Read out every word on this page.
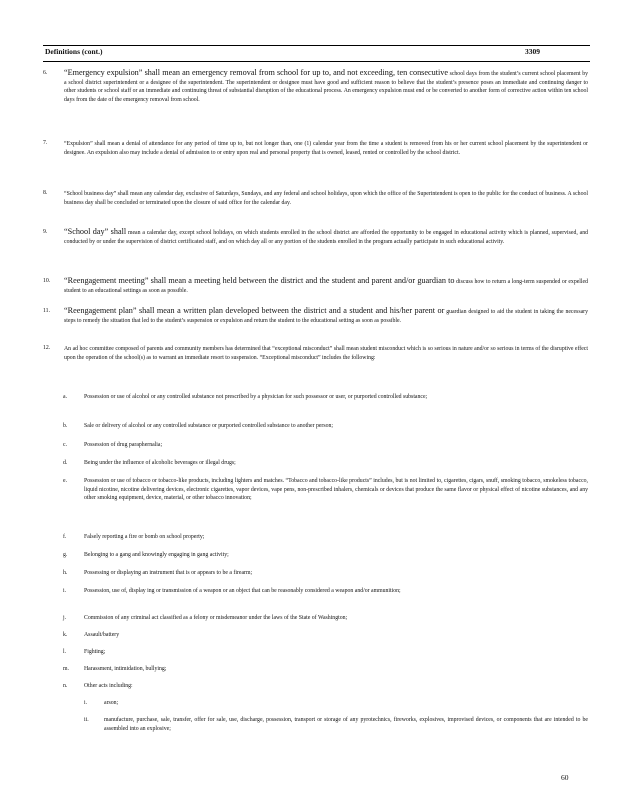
Definitions (cont.)	3309
6. “Emergency expulsion” shall mean an emergency removal from school for up to, and not exceeding, ten consecutive school days from the student’s current school placement by a school district superintendent or a designee of the superintendent. The superintendent or designee must have good and sufficient reason to believe that the student’s presence poses an immediate and continuing danger to other students or school staff or an immediate and continuing threat of substantial disruption of the educational process. An emergency expulsion must end or be converted to another form of corrective action within ten school days from the date of the emergency removal from school.
7.	“Expulsion” shall mean a denial of attendance for any period of time up to, but not longer than, one (1) calendar year from the time a student is removed from his or her current school placement by the superintendent or designee. An expulsion also may include a denial of admission to or entry upon real and personal property that is owned, leased, rented or controlled by the school district.
8.	“School business day” shall mean any calendar day, exclusive of Saturdays, Sundays, and any federal and school holidays, upon which the office of the Superintendent is open to the public for the conduct of business. A school business day shall be concluded or terminated upon the closure of said office for the calendar day.
9. “School day” shall mean a calendar day, except school holidays, on which students enrolled in the school district are afforded the opportunity to be engaged in educational activity which is planned, supervised, and conducted by or under the supervision of district certificated staff, and on which day all or any portion of the students enrolled in the program actually participate in such educational activity.
10. “Reengagement meeting” shall mean a meeting held between the district and the student and parent and/or guardian to discuss how to return a long-term suspended or expelled student to an educational settings as soon as possible.
11. “Reengagement plan” shall mean a written plan developed between the district and a student and his/her parent or guardian designed to aid the student in taking the necessary steps to remedy the situation that led to the student’s suspension or expulsion and return the student to the educational setting as soon as possible.
12. An ad hoc committee composed of parents and community members has determined that “exceptional misconduct” shall mean student misconduct which is so serious in nature and/or so serious in terms of the disruptive effect upon the operation of the school(s) as to warrant an immediate resort to suspension. “Exceptional misconduct” includes the following:
a.	Possession or use of alcohol or any controlled substance not prescribed by a physician for such possessor or user, or purported controlled substance;
b.	Sale or delivery of alcohol or any controlled substance or purported controlled substance to another person;
c.	Possession of drug paraphernalia;
d.	Being under the influence of alcoholic beverages or illegal drugs;
e.	Possession or use of tobacco or tobacco-like products, including lighters and matches. “Tobacco and tobacco-like products” includes, but is not limited to, cigarettes, cigars, snuff, smoking tobacco, smokeless tobacco, liquid nicotine, nicotine delivering devices, electronic cigarettes, vapor devices, vape pens, non-prescribed inhalers, chemicals or devices that produce the same flavor or physical effect of nicotine substances, and any other smoking equipment, device, material, or other tobacco innovation;
f.	Falsely reporting a fire or bomb on school property;
g.	Belonging to a gang and knowingly engaging in gang activity;
h.	Possessing or displaying an instrument that is or appears to be a firearm;
i.	Possession, use of, display ing or transmission of a weapon or an object that can be reasonably considered a weapon and/or ammunition;
j.	Commission of any criminal act classified as a felony or misdemeanor under the laws of the State of Washington;
k.	Assault/battery
l.	Fighting;
m.	Harassment, intimidation, bullying;
n.	Other acts including:
i.	arson;
ii.	manufacture, purchase, sale, transfer, offer for sale, use, discharge, possession, transport or storage of any pyrotechnics, fireworks, explosives, improvised devices, or components that are intended to be assembled into an explosive;
60
